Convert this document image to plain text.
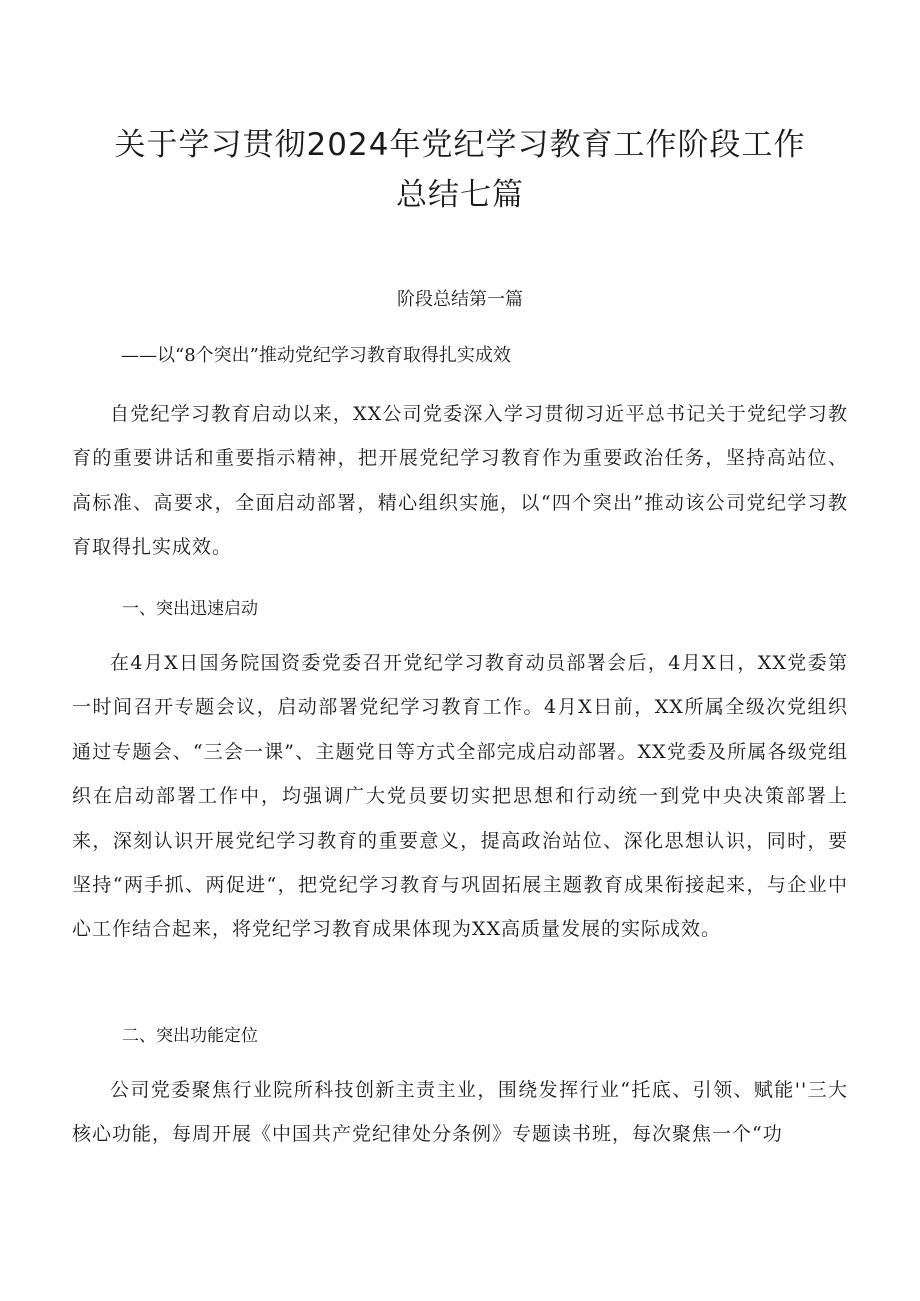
关于学习贯彻2024年党纪学习教育工作阶段工作总结七篇
阶段总结第一篇

——以“8个突出”推动党纪学习教育取得扎实成效

自党纪学习教育启动以来，XX公司党委深入学习贯彻习近平总书记关于党纪学习教育的重要讲话和重要指示精神，把开展党纪学习教育作为重要政治任务，坚持高站位、高标准、高要求，全面启动部署，精心组织实施，以“四个突出”推动该公司党纪学习教育取得扎实成效。

一、突出迅速启动

在4月X日国务院国资委党委召开党纪学习教育动员部署会后，4月X日，XX党委第一时间召开专题会议，启动部署党纪学习教育工作。4月X日前，XX所属全级次党组织通过专题会、“三会一课”、主题党日等方式全部完成启动部署。XX党委及所属各级党组织在启动部署工作中，均强调广大党员要切实把思想和行动统一到党中央决策部署上来，深刻认识开展党纪学习教育的重要意义，提高政治站位、深化思想认识，同时，要坚持“两手抓、两促进“，把党纪学习教育与巩固拓展主题教育成果衔接起来，与企业中心工作结合起来，将党纪学习教育成果体现为XX高质量发展的实际成效。

二、突出功能定位

公司党委聚焦行业院所科技创新主责主业，围绕发挥行业“托底、引领、赋能''三大核心功能，每周开展《中国共产党纪律处分条例》专题读书班，每次聚焦一个“功
